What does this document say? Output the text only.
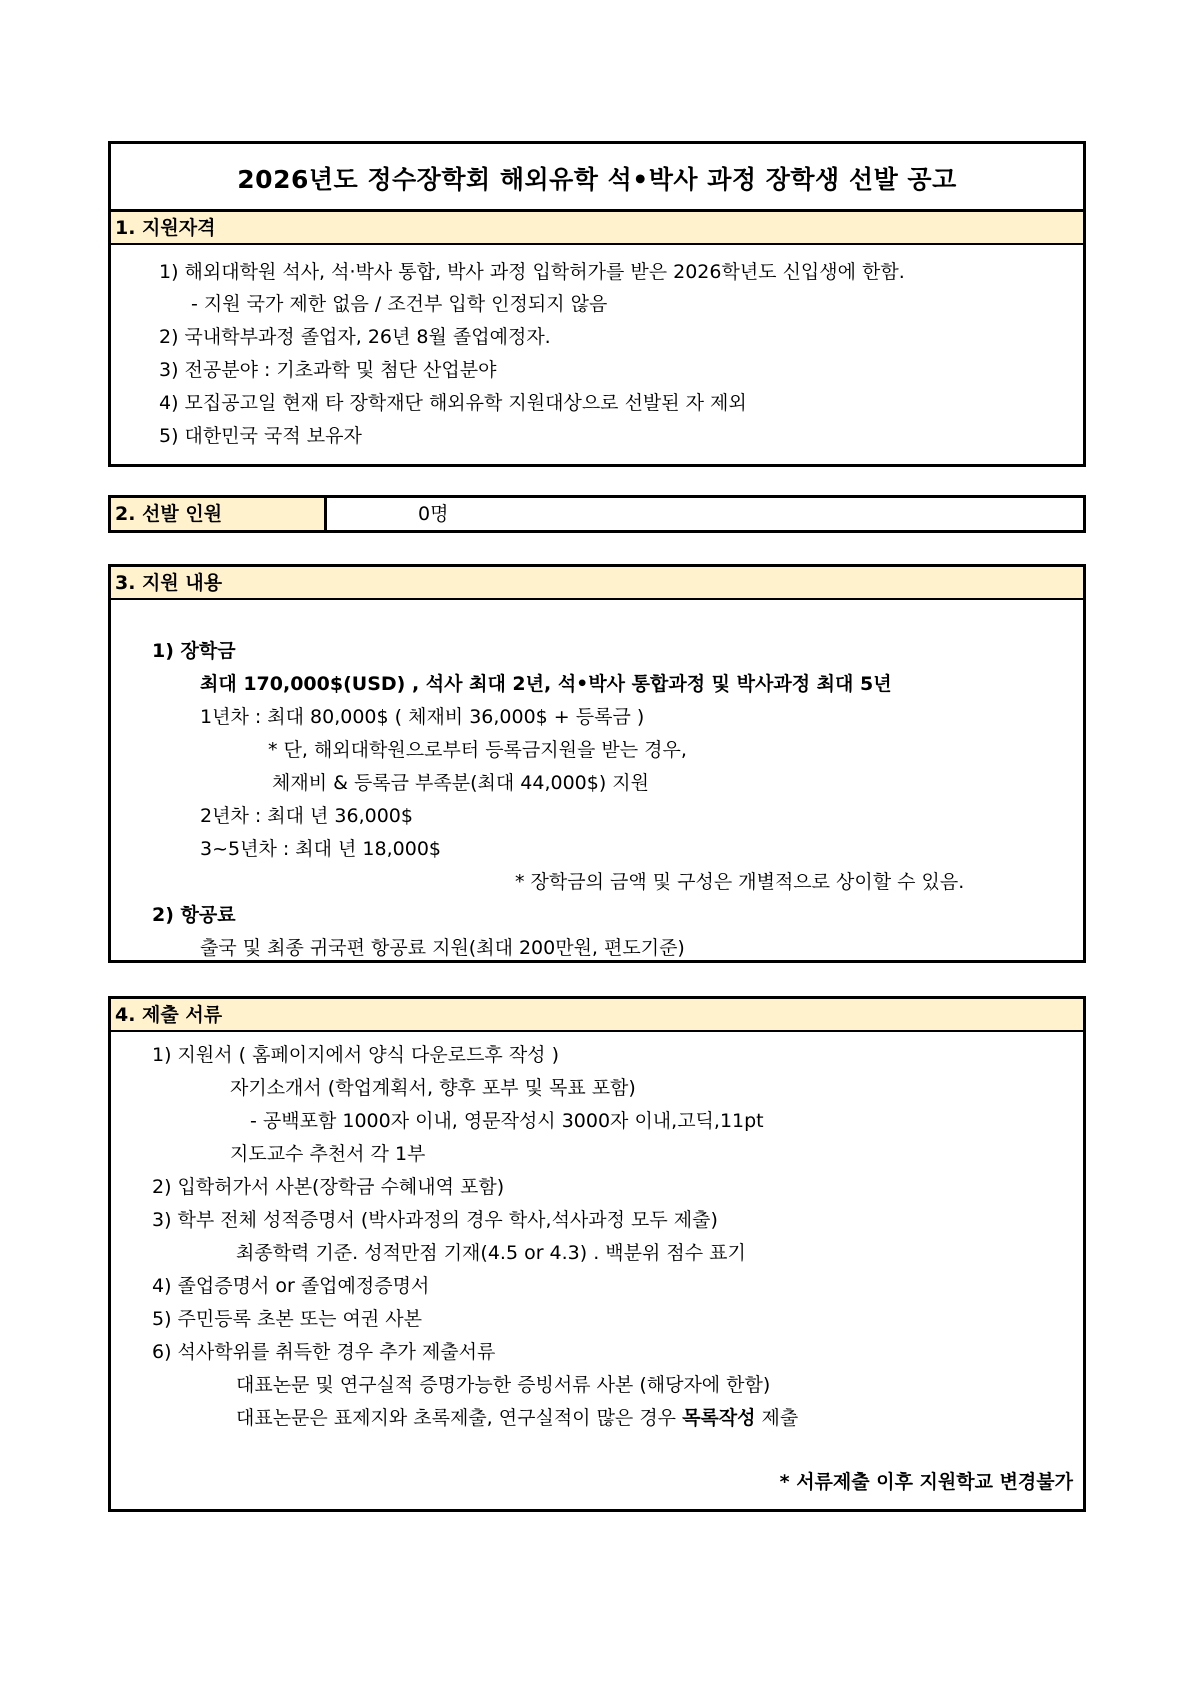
2026년도 정수장학회 해외유학 석•박사 과정 장학생 선발 공고
1. 지원자격
1) 해외대학원 석사, 석·박사 통합, 박사 과정 입학허가를 받은 2026학년도 신입생에 한함.
- 지원 국가 제한 없음 / 조건부 입학 인정되지 않음
2) 국내학부과정 졸업자, 26년 8월 졸업예정자.
3) 전공분야 : 기초과학 및 첨단 산업분야
4) 모집공고일 현재 타 장학재단 해외유학 지원대상으로 선발된 자 제외
5) 대한민국 국적 보유자
2. 선발 인원	0명
3. 지원 내용
1) 장학금
최대 170,000$(USD) , 석사 최대 2년, 석•박사 통합과정 및 박사과정 최대 5년
1년차 : 최대 80,000$ ( 체재비 36,000$ + 등록금 )
* 단, 해외대학원으로부터 등록금지원을 받는 경우,
체재비 & 등록금 부족분(최대 44,000$) 지원
2년차 : 최대 년 36,000$
3~5년차 : 최대 년 18,000$
* 장학금의 금액 및 구성은 개별적으로 상이할 수 있음.
2) 항공료
출국 및 최종 귀국편 항공료 지원(최대 200만원, 편도기준)
4. 제출 서류
1) 지원서 ( 홈페이지에서 양식 다운로드후 작성 )
자기소개서 (학업계획서, 향후 포부 및 목표 포함)
- 공백포함 1000자 이내, 영문작성시 3000자 이내,고딕,11pt
지도교수 추천서 각 1부
2) 입학허가서 사본(장학금 수혜내역 포함)
3) 학부 전체 성적증명서 (박사과정의 경우 학사,석사과정 모두 제출)
최종학력 기준. 성적만점 기재(4.5 or 4.3) . 백분위 점수 표기
4) 졸업증명서 or 졸업예정증명서
5) 주민등록 초본 또는 여권 사본
6) 석사학위를 취득한 경우 추가 제출서류
대표논문 및 연구실적 증명가능한 증빙서류 사본 (해당자에 한함)
대표논문은 표제지와 초록제출, 연구실적이 많은 경우 목록작성 제출
* 서류제출 이후 지원학교 변경불가
